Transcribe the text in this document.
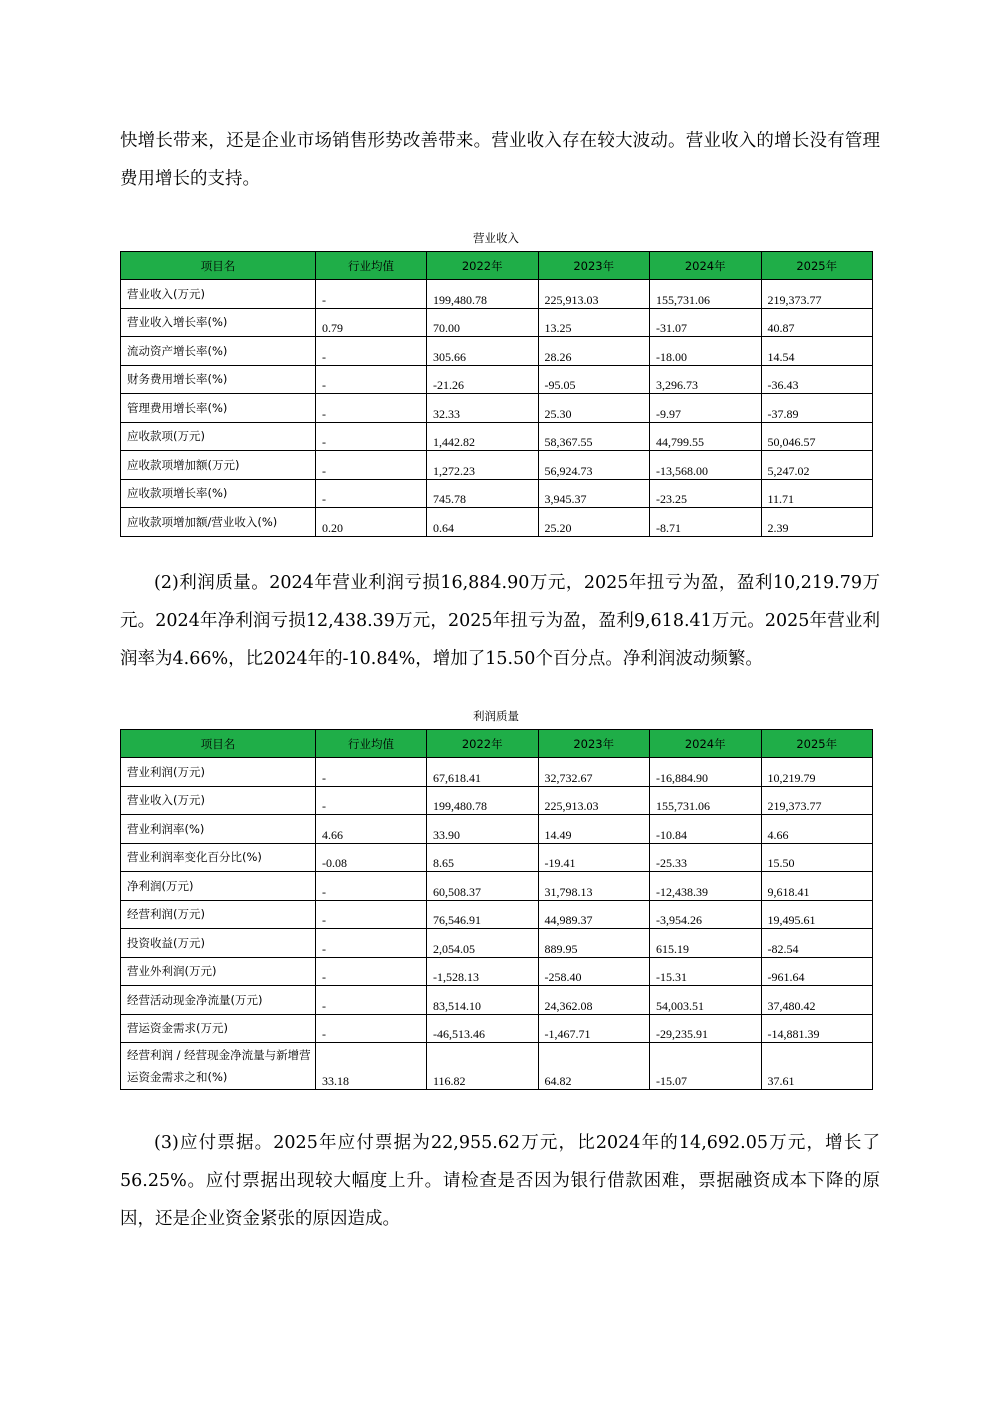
快增长带来，还是企业市场销售形势改善带来。营业收入存在较大波动。营业收入的增长没有管理费用增长的支持。

营业收入
项目名	行业均值	2022年	2023年	2024年	2025年
营业收入(万元)	-	199,480.78	225,913.03	155,731.06	219,373.77
营业收入增长率(%)	0.79	70.00	13.25	-31.07	40.87
流动资产增长率(%)	-	305.66	28.26	-18.00	14.54
财务费用增长率(%)	-	-21.26	-95.05	3,296.73	-36.43
管理费用增长率(%)	-	32.33	25.30	-9.97	-37.89
应收款项(万元)	-	1,442.82	58,367.55	44,799.55	50,046.57
应收款项增加额(万元)	-	1,272.23	56,924.73	-13,568.00	5,247.02
应收款项增长率(%)	-	745.78	3,945.37	-23.25	11.71
应收款项增加额/营业收入(%)	0.20	0.64	25.20	-8.71	2.39

(2)利润质量。2024年营业利润亏损16,884.90万元，2025年扭亏为盈，盈利10,219.79万元。2024年净利润亏损12,438.39万元，2025年扭亏为盈，盈利9,618.41万元。2025年营业利润率为4.66%，比2024年的-10.84%，增加了15.50个百分点。净利润波动频繁。

利润质量
项目名	行业均值	2022年	2023年	2024年	2025年
营业利润(万元)	-	67,618.41	32,732.67	-16,884.90	10,219.79
营业收入(万元)	-	199,480.78	225,913.03	155,731.06	219,373.77
营业利润率(%)	4.66	33.90	14.49	-10.84	4.66
营业利润率变化百分比(%)	-0.08	8.65	-19.41	-25.33	15.50
净利润(万元)	-	60,508.37	31,798.13	-12,438.39	9,618.41
经营利润(万元)	-	76,546.91	44,989.37	-3,954.26	19,495.61
投资收益(万元)	-	2,054.05	889.95	615.19	-82.54
营业外利润(万元)	-	-1,528.13	-258.40	-15.31	-961.64
经营活动现金净流量(万元)	-	83,514.10	24,362.08	54,003.51	37,480.42
营运资金需求(万元)	-	-46,513.46	-1,467.71	-29,235.91	-14,881.39
经营利润 / 经营现金净流量与新增营运资金需求之和(%)	33.18	116.82	64.82	-15.07	37.61

(3)应付票据。2025年应付票据为22,955.62万元，比2024年的14,692.05万元，增长了56.25%。应付票据出现较大幅度上升。请检查是否因为银行借款困难，票据融资成本下降的原因，还是企业资金紧张的原因造成。
